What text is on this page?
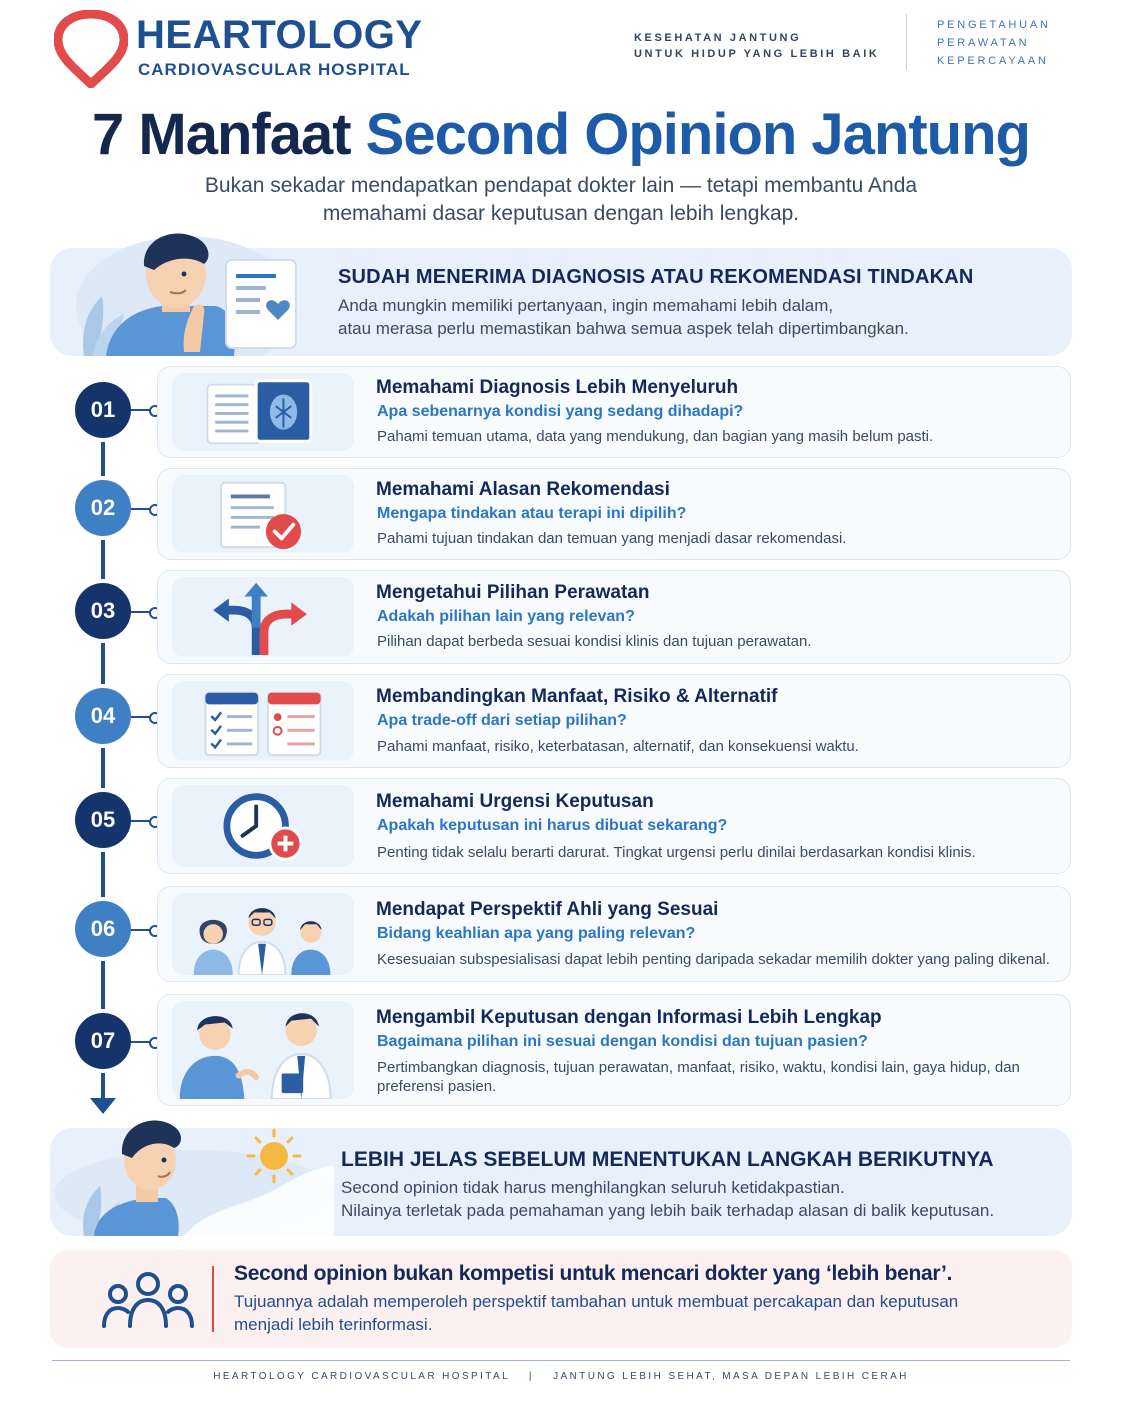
HEARTOLOGY
CARDIOVASCULAR HOSPITAL
KESEHATAN JANTUNG
UNTUK HIDUP YANG LEBIH BAIK
PENGETAHUAN
PERAWATAN
KEPERCAYAAN
7 Manfaat Second Opinion Jantung
Bukan sekadar mendapatkan pendapat dokter lain — tetapi membantu Anda
memahami dasar keputusan dengan lebih lengkap.
SUDAH MENERIMA DIAGNOSIS ATAU REKOMENDASI TINDAKAN
Anda mungkin memiliki pertanyaan, ingin memahami lebih dalam,
atau merasa perlu memastikan bahwa semua aspek telah dipertimbangkan.
01
Memahami Diagnosis Lebih Menyeluruh
Apa sebenarnya kondisi yang sedang dihadapi?
Pahami temuan utama, data yang mendukung, dan bagian yang masih belum pasti.
02
Memahami Alasan Rekomendasi
Mengapa tindakan atau terapi ini dipilih?
Pahami tujuan tindakan dan temuan yang menjadi dasar rekomendasi.
03
Mengetahui Pilihan Perawatan
Adakah pilihan lain yang relevan?
Pilihan dapat berbeda sesuai kondisi klinis dan tujuan perawatan.
04
Membandingkan Manfaat, Risiko & Alternatif
Apa trade-off dari setiap pilihan?
Pahami manfaat, risiko, keterbatasan, alternatif, dan konsekuensi waktu.
05
Memahami Urgensi Keputusan
Apakah keputusan ini harus dibuat sekarang?
Penting tidak selalu berarti darurat. Tingkat urgensi perlu dinilai berdasarkan kondisi klinis.
06
Mendapat Perspektif Ahli yang Sesuai
Bidang keahlian apa yang paling relevan?
Kesesuaian subspesialisasi dapat lebih penting daripada sekadar memilih dokter yang paling dikenal.
07
Mengambil Keputusan dengan Informasi Lebih Lengkap
Bagaimana pilihan ini sesuai dengan kondisi dan tujuan pasien?
Pertimbangkan diagnosis, tujuan perawatan, manfaat, risiko, waktu, kondisi lain, gaya hidup, dan preferensi pasien.
LEBIH JELAS SEBELUM MENENTUKAN LANGKAH BERIKUTNYA
Second opinion tidak harus menghilangkan seluruh ketidakpastian.
Nilainya terletak pada pemahaman yang lebih baik terhadap alasan di balik keputusan.
Second opinion bukan kompetisi untuk mencari dokter yang ‘lebih benar’.
Tujuannya adalah memperoleh perspektif tambahan untuk membuat percakapan dan keputusan
menjadi lebih terinformasi.
HEARTOLOGY CARDIOVASCULAR HOSPITAL | JANTUNG LEBIH SEHAT, MASA DEPAN LEBIH CERAH
